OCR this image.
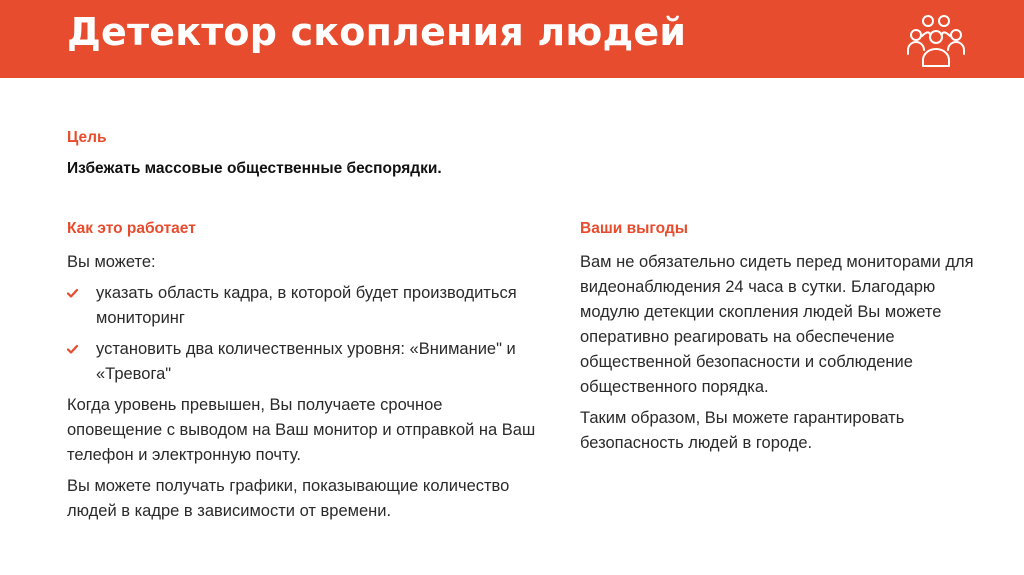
Детектор скопления людей
Цель
Избежать массовые общественные беспорядки.
Как это работает	Ваши выгоды

Вы можете:

указать область кадра, в которой будет производиться мониторинг
установить два количественных уровня: «Внимание" и «Тревога"

Когда уровень превышен, Вы получаете срочное оповещение с выводом на Ваш монитор и отправкой на Ваш телефон и электронную почту.

Вы можете получать графики, показывающие количество людей в кадре в зависимости от времени.

Вам не обязательно сидеть перед мониторами для видеонаблюдения 24 часа в сутки. Благодарю модулю детекции скопления людей Вы можете оперативно реагировать на обеспечение общественной безопасности и соблюдение общественного порядка.

Таким образом, Вы можете гарантировать безопасность людей в городе.
